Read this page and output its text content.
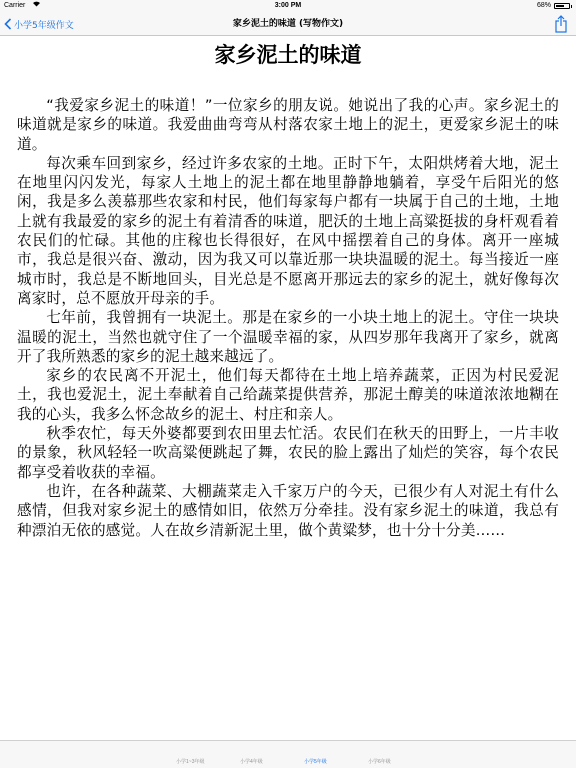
Carrier	3:00 PM	68%
小学5年级作文	家乡泥土的味道 (写物作文)
家乡泥土的味道

“我爱家乡泥土的味道！”一位家乡的朋友说。她说出了我的心声。家乡泥土的味道就是家乡的味道。我爱曲曲弯弯从村落农家土地上的泥土，更爱家乡泥土的味道。

每次乘车回到家乡，经过许多农家的土地。正时下午，太阳烘烤着大地，泥土在地里闪闪发光，每家人土地上的泥土都在地里静静地躺着，享受午后阳光的悠闲，我是多么羡慕那些农家和村民，他们每家每户都有一块属于自己的土地，土地上就有我最爱的家乡的泥土有着清香的味道，肥沃的土地上高粱挺拔的身杆观看着农民们的忙碌。其他的庄稼也长得很好，在风中摇摆着自己的身体。离开一座城市，我总是很兴奋、激动，因为我又可以靠近那一块块温暖的泥土。每当接近一座城市时，我总是不断地回头，目光总是不愿离开那远去的家乡的泥土，就好像每次离家时，总不愿放开母亲的手。

七年前，我曾拥有一块泥土。那是在家乡的一小块土地上的泥土。守住一块块温暖的泥土，当然也就守住了一个温暖幸福的家，从四岁那年我离开了家乡，就离开了我所熟悉的家乡的泥土越来越远了。

家乡的农民离不开泥土，他们每天都待在土地上培养蔬菜，正因为村民爱泥土，我也爱泥土，泥土奉献着自己给蔬菜提供营养，那泥土醇美的味道浓浓地糊在我的心头，我多么怀念故乡的泥土、村庄和亲人。

秋季农忙，每天外婆都要到农田里去忙活。农民们在秋天的田野上，一片丰收的景象，秋风轻轻一吹高粱便跳起了舞，农民的脸上露出了灿烂的笑容，每个农民都享受着收获的幸福。

也许，在各种蔬菜、大棚蔬菜走入千家万户的今天，已很少有人对泥土有什么感情，但我对家乡泥土的感情如旧，依然万分牵挂。没有家乡泥土的味道，我总有种漂泊无依的感觉。人在故乡清新泥土里，做个黄粱梦，也十分十分美……

小学1~3年级	小学4年级	小学5年级	小学6年级
